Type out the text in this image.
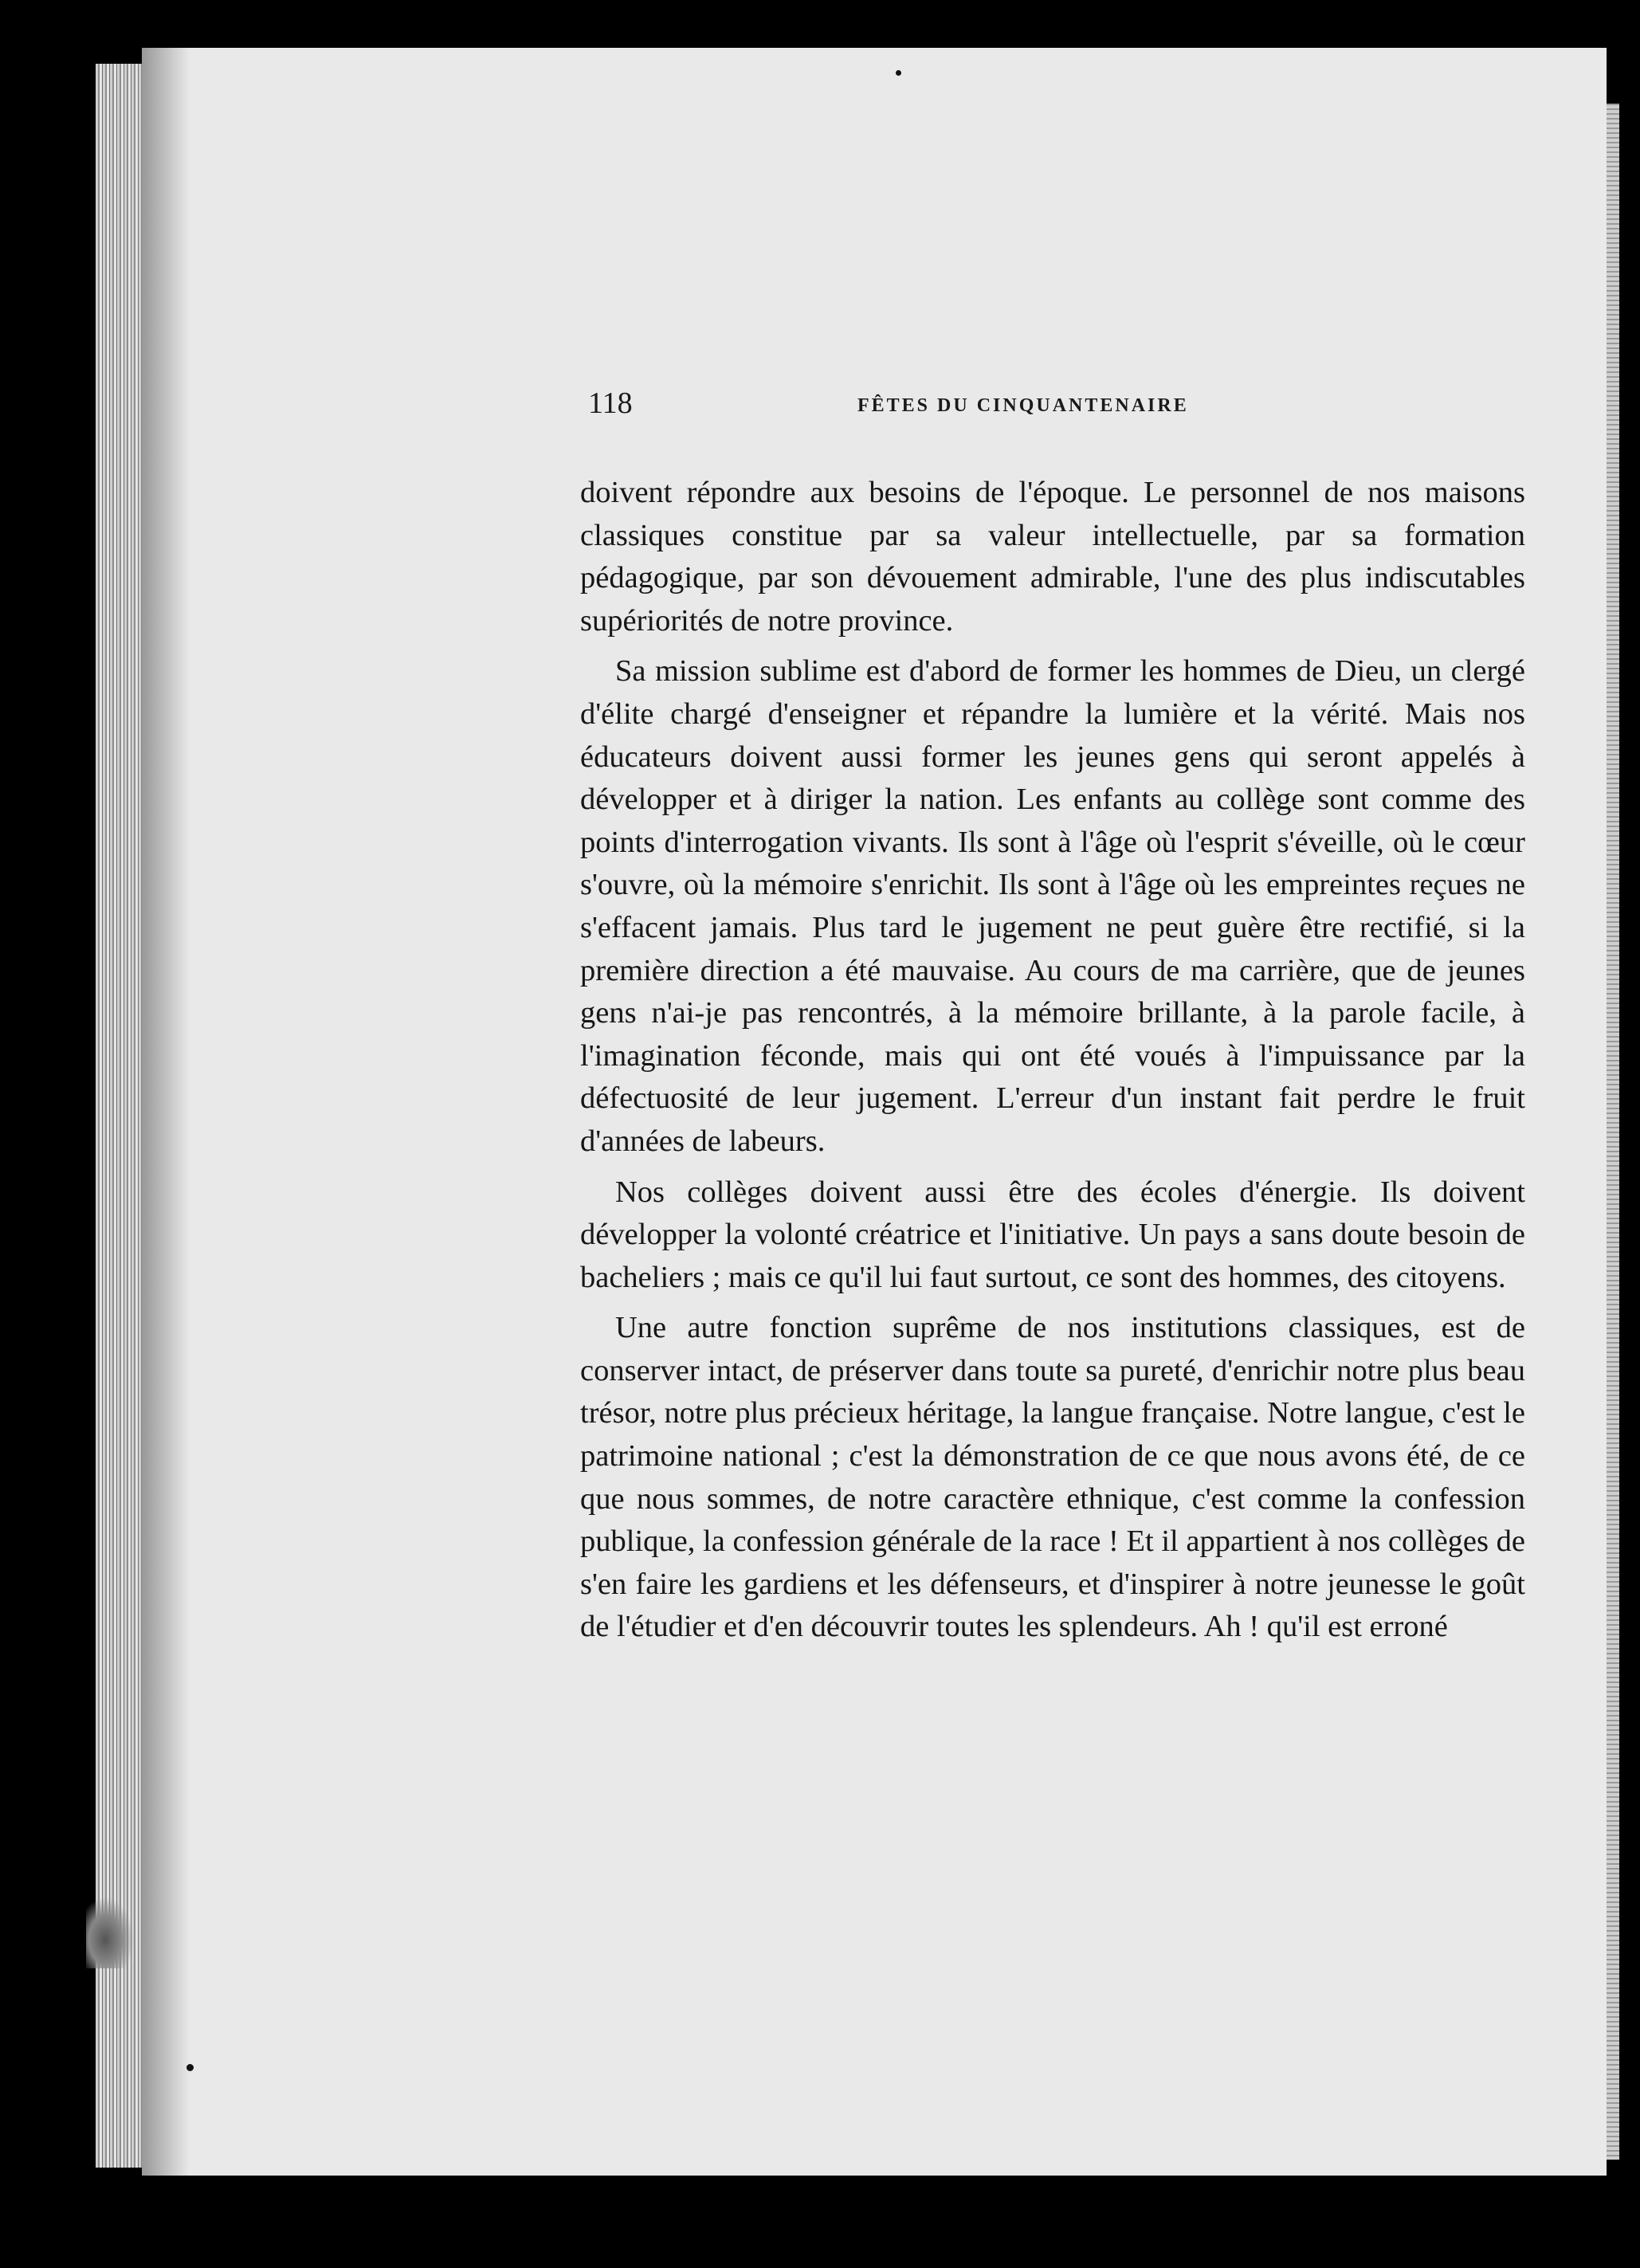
118	FÊTES DU CINQUANTENAIRE

doivent répondre aux besoins de l'époque. Le personnel de nos maisons classiques constitue par sa valeur intellectuelle, par sa formation pédagogique, par son dévouement admirable, l'une des plus indiscutables supériorités de notre province.

Sa mission sublime est d'abord de former les hommes de Dieu, un clergé d'élite chargé d'enseigner et répandre la lumière et la vérité. Mais nos éducateurs doivent aussi former les jeunes gens qui seront appelés à développer et à diriger la nation. Les enfants au collège sont comme des points d'interrogation vivants. Ils sont à l'âge où l'esprit s'éveille, où le cœur s'ouvre, où la mémoire s'enrichit. Ils sont à l'âge où les empreintes reçues ne s'effacent jamais. Plus tard le jugement ne peut guère être rectifié, si la première direction a été mauvaise. Au cours de ma carrière, que de jeunes gens n'ai-je pas rencontrés, à la mémoire brillante, à la parole facile, à l'imagination féconde, mais qui ont été voués à l'impuissance par la défectuosité de leur jugement. L'erreur d'un instant fait perdre le fruit d'années de labeurs.

Nos collèges doivent aussi être des écoles d'énergie. Ils doivent développer la volonté créatrice et l'initiative. Un pays a sans doute besoin de bacheliers ; mais ce qu'il lui faut surtout, ce sont des hommes, des citoyens.

Une autre fonction suprême de nos institutions classiques, est de conserver intact, de préserver dans toute sa pureté, d'enrichir notre plus beau trésor, notre plus précieux héritage, la langue française. Notre langue, c'est le patrimoine national ; c'est la démonstration de ce que nous avons été, de ce que nous sommes, de notre caractère ethnique, c'est comme la confession publique, la confession générale de la race ! Et il appartient à nos collèges de s'en faire les gardiens et les défenseurs, et d'inspirer à notre jeunesse le goût de l'étudier et d'en découvrir toutes les splendeurs. Ah ! qu'il est erroné
